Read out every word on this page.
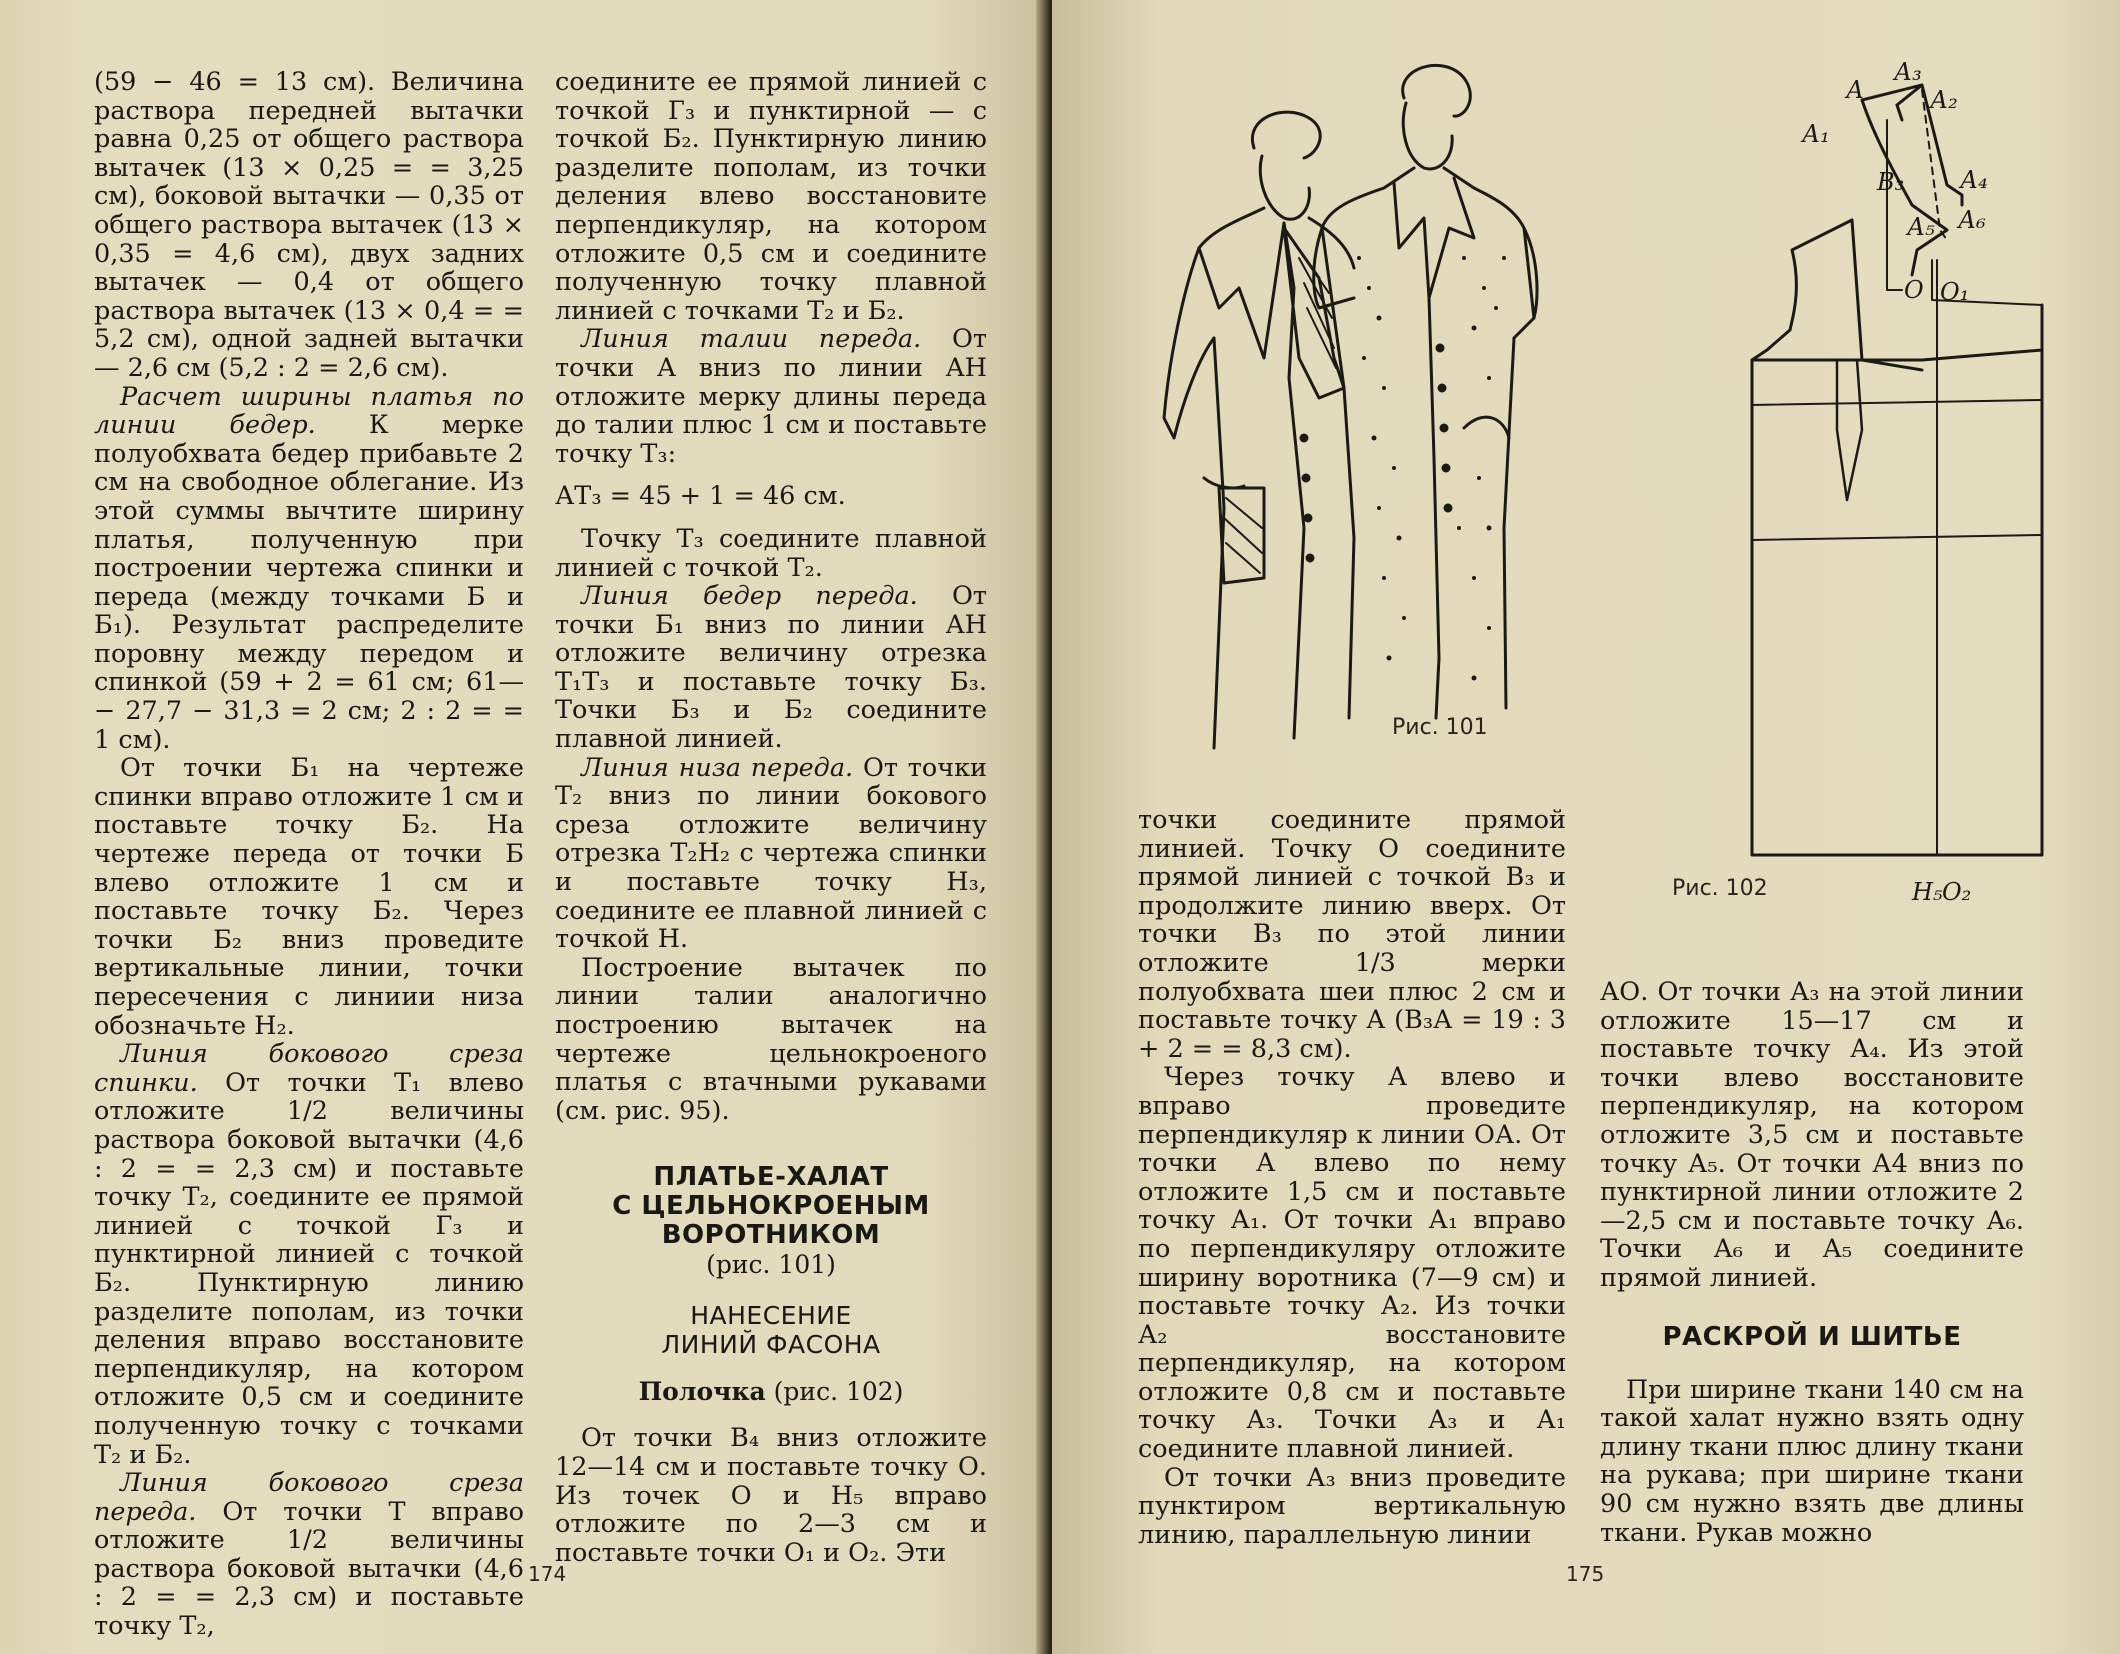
(59 − 46 = 13 см). Величина раствора передней вытачки равна 0,25 от общего раствора вытачек (13 × 0,25 = = 3,25 см), боковой вытачки — 0,35 от общего раствора вытачек (13 × 0,35 = 4,6 см), двух задних вытачек — 0,4 от общего раствора вытачек (13 × 0,4 = = 5,2 см), одной задней вытачки — 2,6 см (5,2 : 2 = 2,6 см).

Расчет ширины платья по линии бедер. К мерке полуобхвата бедер прибавьте 2 см на свободное облегание. Из этой суммы вычтите ширину платья, полученную при построении чертежа спинки и переда (между точками Б и Б₁). Результат распределите поровну между передом и спинкой (59 + 2 = 61 см; 61— − 27,7 − 31,3 = 2 см; 2 : 2 = = 1 см).

От точки Б₁ на чертеже спинки вправо отложите 1 см и поставьте точку Б₂. На чертеже переда от точки Б влево отложите 1 см и поставьте точку Б₂. Через точки Б₂ вниз проведите вертикальные линии, точки пересечения с линиии низа обозначьте Н₂.

Линия бокового среза спинки. От точки Т₁ влево отложите 1/2 величины раствора боковой вытачки (4,6 : 2 = = 2,3 см) и поставьте точку Т₂, соедините ее прямой линией с точкой Г₃ и пунктирной линией с точкой Б₂. Пунктирную линию разделите пополам, из точки деления вправо восстановите перпендикуляр, на котором отложите 0,5 см и соедините полученную точку с точками Т₂ и Б₂.

Линия бокового среза переда. От точки Т вправо отложите 1/2 величины раствора боковой вытачки (4,6 : 2 = = 2,3 см) и поставьте точку Т₂,

соедините ее прямой линией с точкой Г₃ и пунктирной — с точкой Б₂. Пунктирную линию разделите пополам, из точки деления влево восстановите перпендикуляр, на котором отложите 0,5 см и соедините полученную точку плавной линией с точками Т₂ и Б₂.

Линия талии переда. От точки А вниз по линии АН отложите мерку длины переда до талии плюс 1 см и поставьте точку Т₃:

АТ₃ = 45 + 1 = 46 см.

Точку Т₃ соедините плавной линией с точкой Т₂.

Линия бедер переда. От точки Б₁ вниз по линии АН отложите величину отрезка Т₁Т₃ и поставьте точку Б₃. Точки Б₃ и Б₂ соедините плавной линией.

Линия низа переда. От точки Т₂ вниз по линии бокового среза отложите величину отрезка Т₂Н₂ с чертежа спинки и поставьте точку Н₃, соедините ее плавной линией с точкой Н.

Построение вытачек по линии талии аналогично построению вытачек на чертеже цельнокроеного платья с втачными рукавами (см. рис. 95).

ПЛАТЬЕ-ХАЛАТ
С ЦЕЛЬНОКРОЕНЫМ
ВОРОТНИКОМ
(рис. 101)
НАНЕСЕНИЕ
ЛИНИЙ ФАСОНА
Полочка (рис. 102)

От точки В₄ вниз отложите 12—14 см и поставьте точку О. Из точек О и Н₅ вправо отложите по 2—3 см и поставьте точки О₁ и О₂. Эти

174
Рис. 101
А
А₃
А₂
А₁
В₃ А₄
А₅ А₆
О О₁
Н₅ О₂
Рис. 102

точки соедините прямой линией. Точку О соедините прямой линией с точкой В₃ и продолжите линию вверх. От точки В₃ по этой линии отложите 1/3 мерки полуобхвата шеи плюс 2 см и поставьте точку А (В₃А = 19 : 3 + 2 = = 8,3 см).

Через точку А влево и вправо проведите перпендикуляр к линии ОА. От точки А влево по нему отложите 1,5 см и поставьте точку А₁. От точки А₁ вправо по перпендикуляру отложите ширину воротника (7—9 см) и поставьте точку А₂. Из точки А₂ восстановите перпендикуляр, на котором отложите 0,8 см и поставьте точку А₃. Точки А₃ и А₁ соедините плавной линией.

От точки А₃ вниз проведите пунктиром вертикальную линию, параллельную линии

АО. От точки А₃ на этой линии отложите 15—17 см и поставьте точку А₄. Из этой точки влево восстановите перпендикуляр, на котором отложите 3,5 см и поставьте точку А₅. От точки А4 вниз по пунктирной линии отложите 2—2,5 см и поставьте точку А₆. Точки А₆ и А₅ соедините прямой линией.

РАСКРОЙ И ШИТЬЕ

При ширине ткани 140 см на такой халат нужно взять одну длину ткани плюс длину ткани на рукава; при ширине ткани 90 см нужно взять две длины ткани. Рукав можно

175
